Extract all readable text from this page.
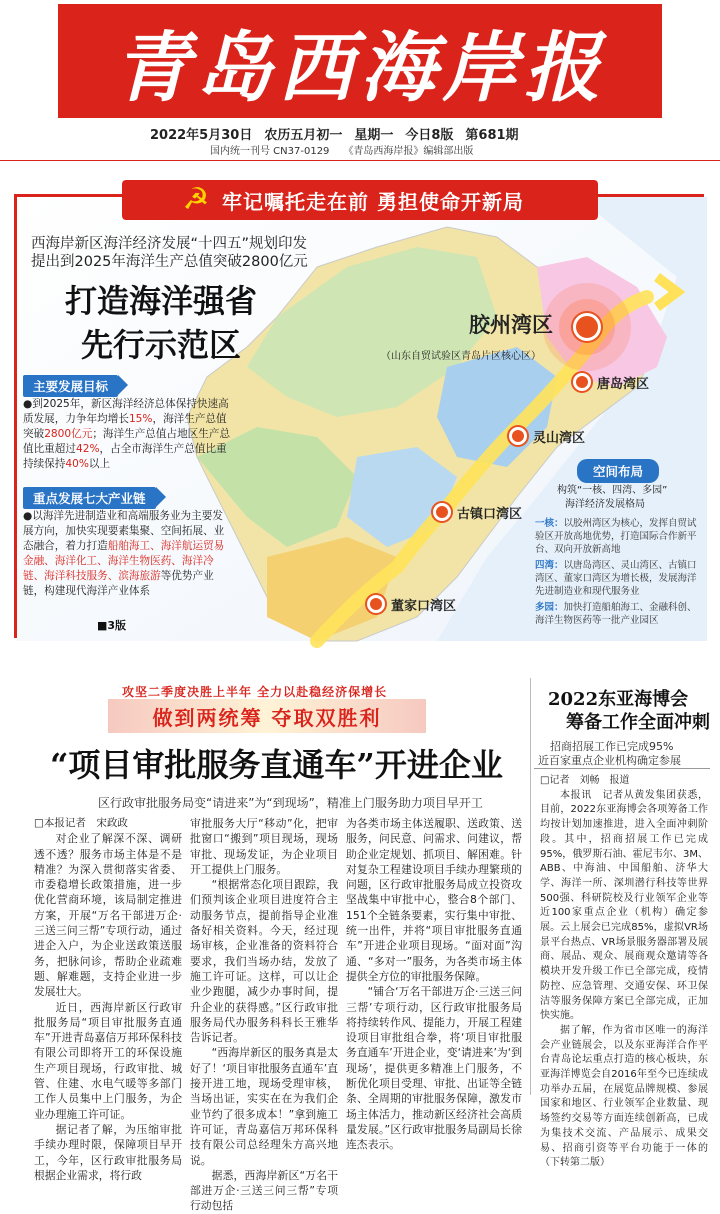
青岛西海岸报
2022年5月30日 农历五月初一 星期一 今日8版 第681期
国内统一刊号 CN37-0129 《青岛西海岸报》编辑部出版
☭ 牢记嘱托走在前 勇担使命开新局
西海岸新区海洋经济发展“十四五”规划印发
提出到2025年海洋生产总值突破2800亿元
打造海洋强省
先行示范区
主要发展目标
●到2025年，新区海洋经济总体保持快速高质发展，力争年均增长15%，海洋生产总值突破2800亿元；海洋生产总值占地区生产总值比重超过42%，占全市海洋生产总值比重持续保持40%以上
重点发展七大产业链
●以海洋先进制造业和高端服务业为主要发展方向，加快实现要素集聚、空间拓展、业态融合，着力打造船舶海工、海洋航运贸易金融、海洋化工、海洋生物医药、海洋冷链、海洋科技服务、滨海旅游等优势产业链，构建现代海洋产业体系
■3版
胶州湾区
（山东自贸试验区青岛片区核心区）
唐岛湾区
灵山湾区
古镇口湾区
董家口湾区
空间布局
构筑“一核、四湾、多园”
海洋经济发展格局
一核：以胶州湾区为核心，发挥自贸试验区开放高地优势，打造国际合作新平台、双向开放新高地
四湾：以唐岛湾区、灵山湾区、古镇口湾区、董家口湾区为增长极，发展海洋先进制造业和现代服务业
多园：加快打造船舶海工、金融科创、海洋生物医药等一批产业园区
攻坚二季度决胜上半年 全力以赴稳经济保增长
做到两统筹 夺取双胜利
“项目审批服务直通车”开进企业
区行政审批服务局变“请进来”为“到现场”，精准上门服务助力项目早开工
□本报记者　宋政政

对企业了解深不深、调研透不透？服务市场主体是不是精准？为深入贯彻落实省委、市委稳增长政策措施，进一步优化营商环境，该局制定推进方案，开展“万名干部进万企·三送三问三帮”专项行动，通过进企入户，为企业送政策送服务，把脉问诊，帮助企业疏难题、解难题，支持企业进一步发展壮大。

近日，西海岸新区行政审批服务局“项目审批服务直通车”开进青岛嘉信万邦环保科技有限公司即将开工的环保设施生产项目现场，行政审批、城管、住建、水电气暖等多部门工作人员集中上门服务，为企业办理施工许可证。

据记者了解，为压缩审批手续办理时限，保障项目早开工，今年，区行政审批服务局根据企业需求，将行政

审批服务大厅“移动”化，把审批窗口“搬到”项目现场，现场审批、现场发证，为企业项目开工提供上门服务。

“根据常态化项目跟踪，我们预判该企业项目进度符合主动服务节点，提前指导企业准备好相关资料。今天，经过现场审核，企业准备的资料符合要求，我们当场办结，发放了施工许可证。这样，可以让企业少跑腿，减少办事时间，提升企业的获得感。”区行政审批服务局代办服务科科长王雅华告诉记者。

“西海岸新区的服务真是太好了！‘项目审批服务直通车’直接开进工地，现场受理审核，当场出证，实实在在为我们企业节约了很多成本！”拿到施工许可证，青岛嘉信万邦环保科技有限公司总经理朱方高兴地说。

据悉，西海岸新区“万名干部进万企·三送三问三帮”专项行动包括

为各类市场主体送履职、送政策、送服务，问民意、问需求、问建议，帮助企业定规划、抓项目、解困难。针对复杂工程建设项目手续办理繁琐的问题，区行政审批服务局成立投资攻坚战集中审批中心，整合8个部门、151个全链条要素，实行集中审批、统一出件，并将“项目审批服务直通车”开进企业项目现场。“面对面”沟通、“多对一”服务，为各类市场主体提供全方位的审批服务保障。

“铺合‘万名干部进万企·三送三问三帮’专项行动，区行政审批服务局将持续转作风、提能力，开展工程建设项目审批组合拳，将‘项目审批服务直通车’开进企业，变‘请进来’为‘到现场’，提供更多精准上门服务，不断优化项目受理、审批、出证等全链条、全周期的审批服务保障，激发市场主体活力，推动新区经济社会高质量发展。”区行政审批服务局副局长徐连杰表示。

2022东亚海博会
筹备工作全面冲刺
招商招展工作已完成95%
近百家重点企业机构确定参展
□记者　刘畅　报道

本报讯　记者从黄发集团获悉，目前，2022东亚海博会各项筹备工作均按计划加速推进，进入全面冲刺阶段。其中，招商招展工作已完成95%，俄罗斯石油、霍尼韦尔、3M、ABB、中海油、中国船舶、济华大学、海洋一所、深圳潜行科技等世界500强、科研院校及行业领军企业等近100家重点企业（机构）确定参展。云上展会已完成85%，虚拟VR场景平台热点、VR场景服务器部署及展商、展品、观众、展商观众邀请等各模块开发升级工作已全部完成，疫情防控、应急管理、交通安保、环卫保洁等服务保障方案已全部完成，正加快实施。

据了解，作为省市区唯一的海洋会产业链展会，以及东亚海洋合作平台青岛论坛重点打造的核心板块，东亚海洋博览会自2016年至今已连续成功举办五届，在展览品牌规模、参展国家和地区、行业领军企业数量、现场签约交易等方面连续创新高，已成为集技术交流、产品展示、成果交易、招商引资等平台功能于一体的（下转第二版）
